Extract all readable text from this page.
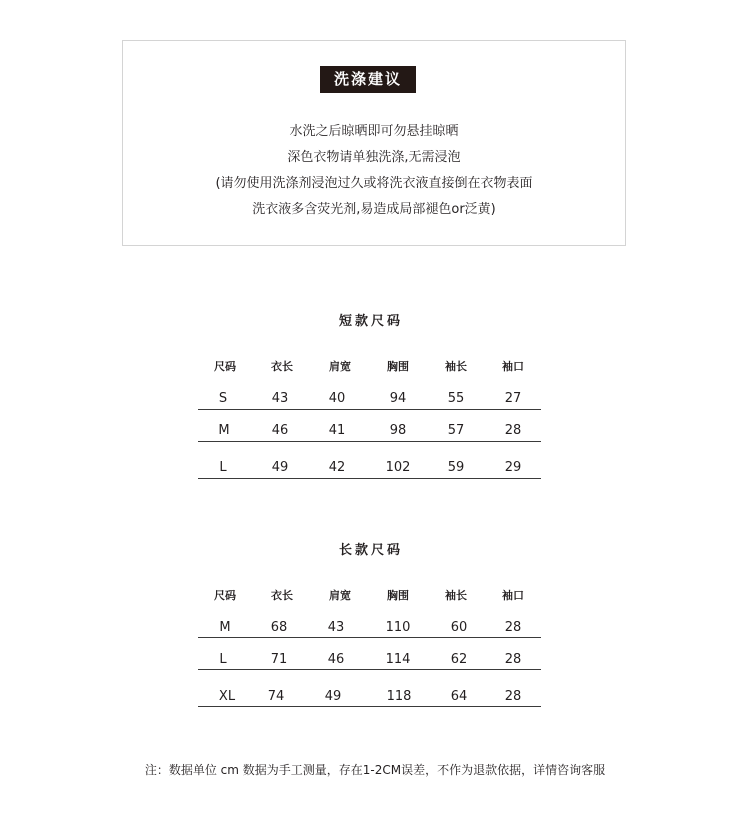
洗涤建议
水洗之后晾晒即可勿悬挂晾晒
深色衣物请单独洗涤,无需浸泡
(请勿使用洗涤剂浸泡过久或将洗衣液直接倒在衣物表面
洗衣液多含荧光剂,易造成局部褪色or泛黄)
短款尺码
尺码	衣长	肩宽	胸围	袖长	袖口
S	43	40	94	55	27
M	46	41	98	57	28
L	49	42	102	59	29
长款尺码
尺码	衣长	肩宽	胸围	袖长	袖口
M	68	43	110	60	28
L	71	46	114	62	28
XL	74	49	118	64	28
注：数据单位 cm 数据为手工测量，存在1-2CM误差，不作为退款依据，详情咨询客服
